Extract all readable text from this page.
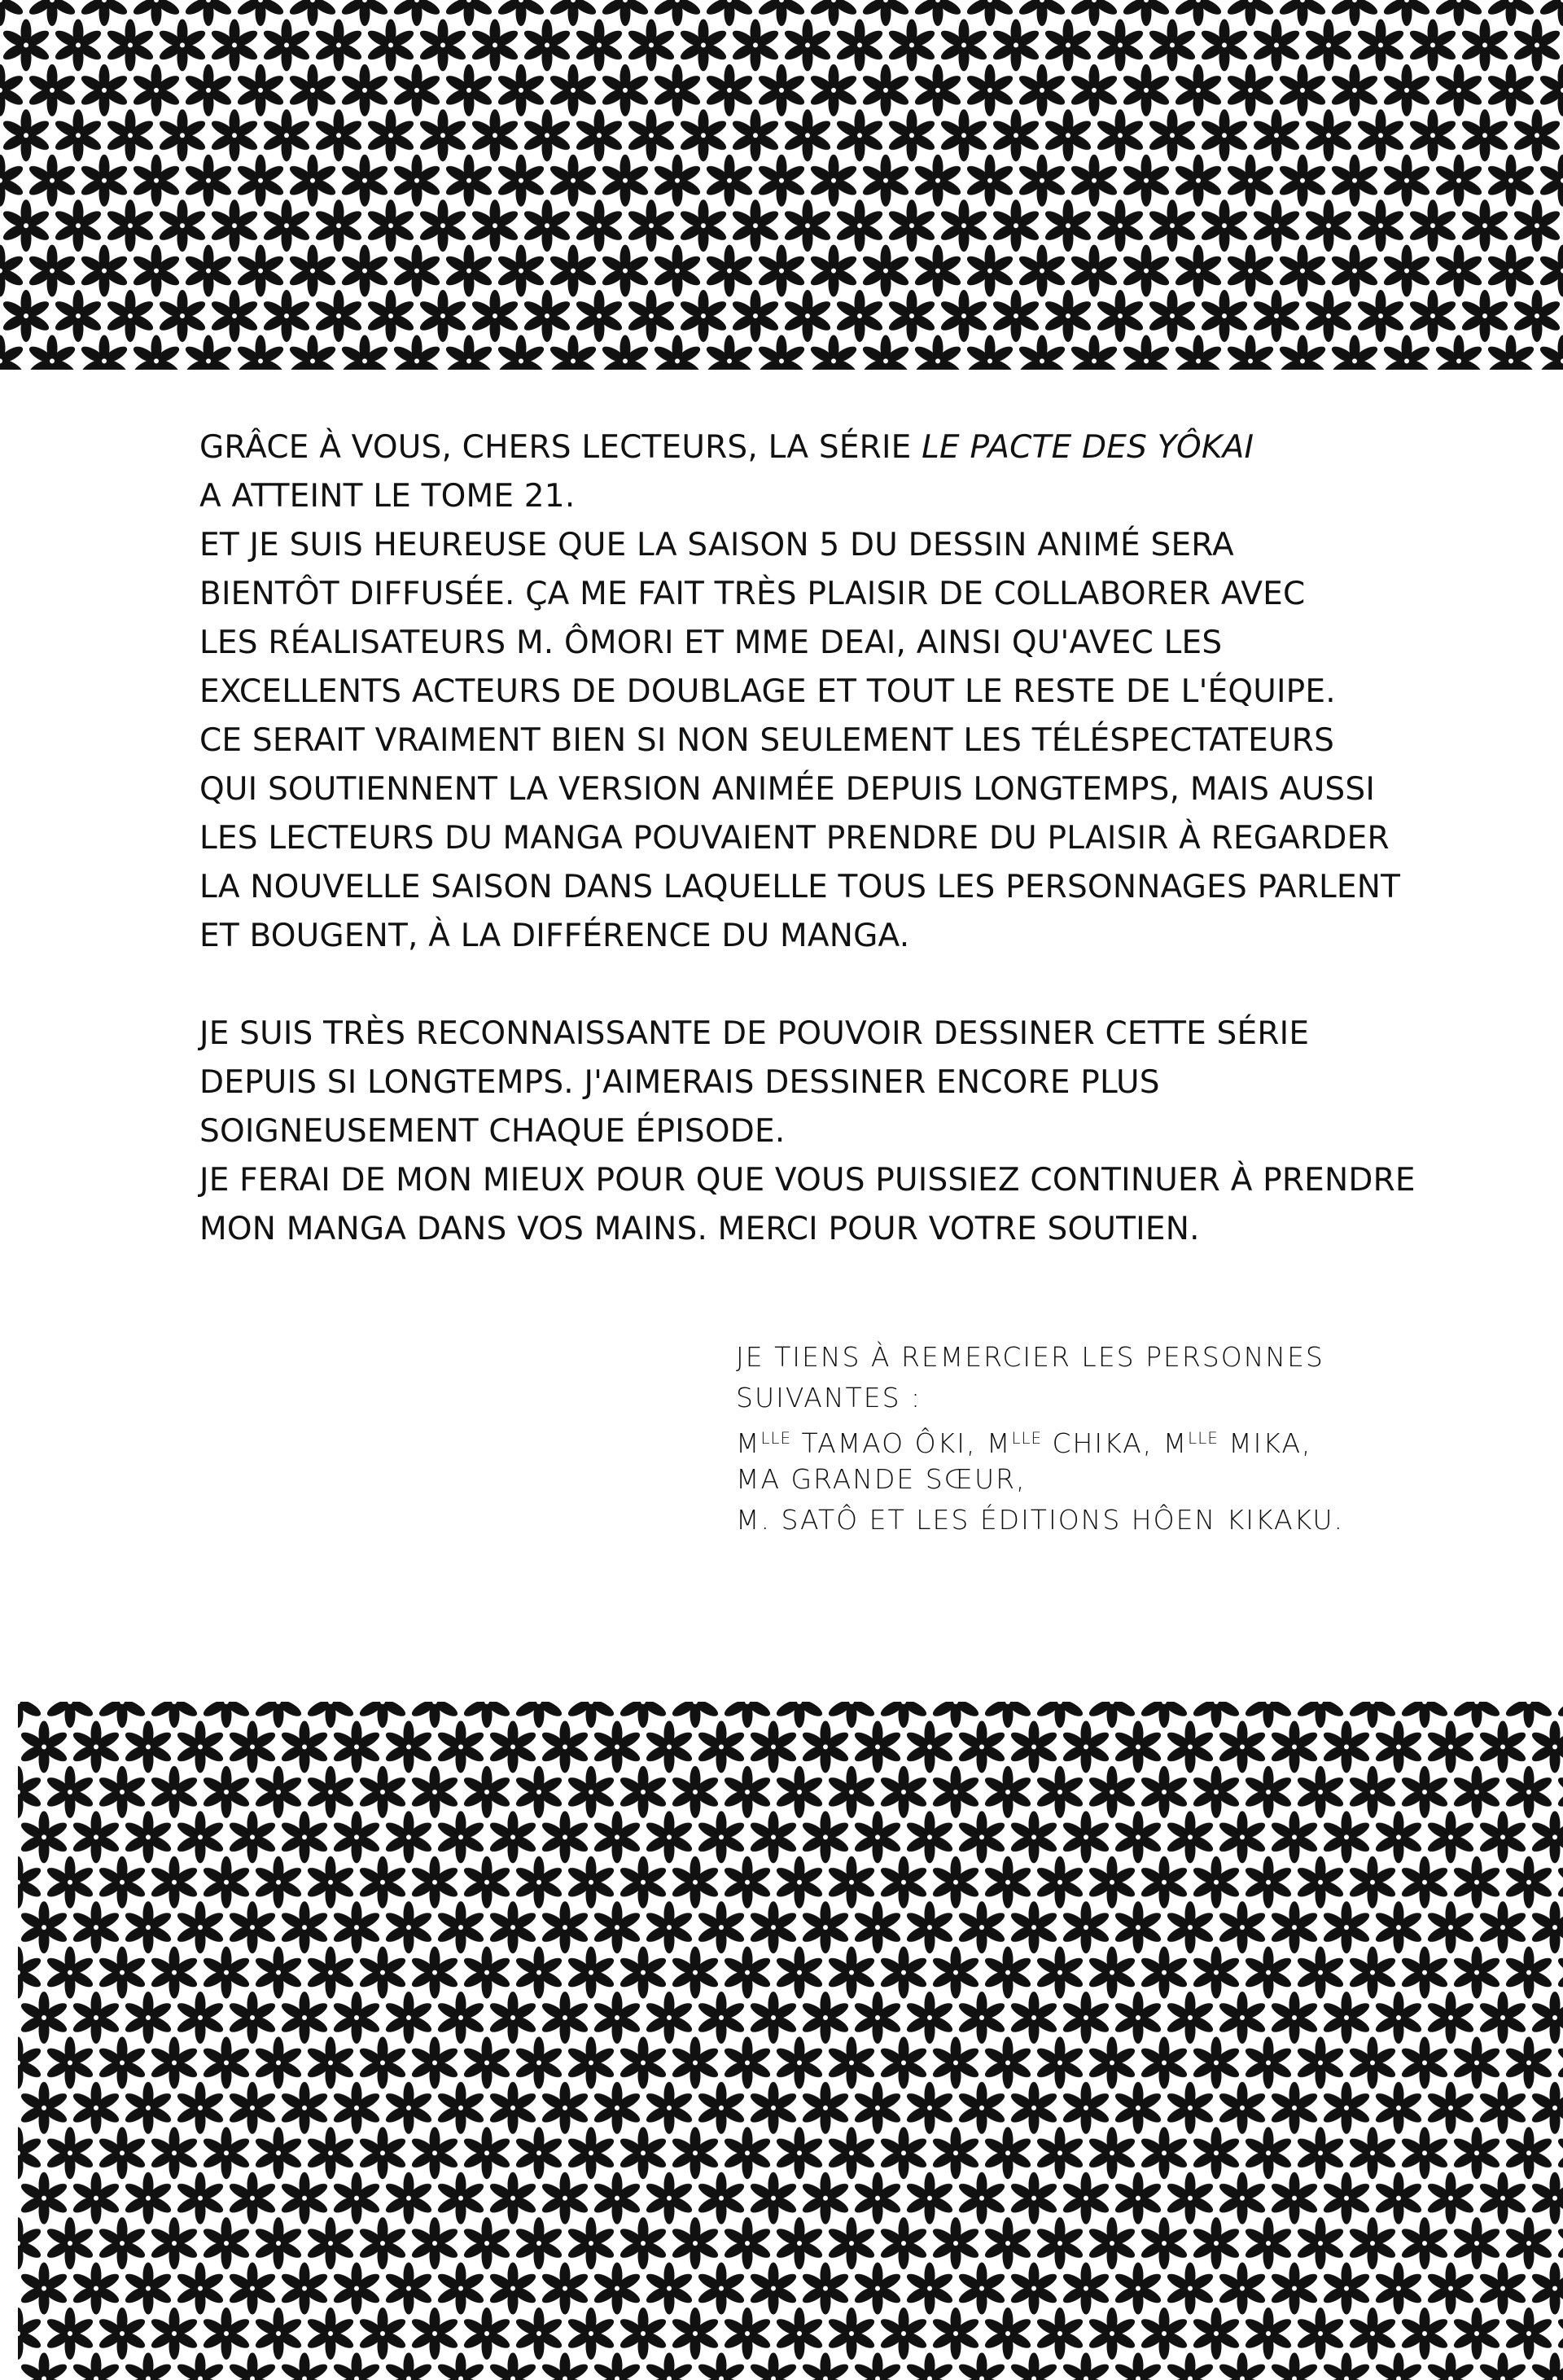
GRÂCE À VOUS, CHERS LECTEURS, LA SÉRIE LE PACTE DES YÔKAI
A ATTEINT LE TOME 21.
ET JE SUIS HEUREUSE QUE LA SAISON 5 DU DESSIN ANIMÉ SERA
BIENTÔT DIFFUSÉE. ÇA ME FAIT TRÈS PLAISIR DE COLLABORER AVEC
LES RÉALISATEURS M. ÔMORI ET MME DEAI, AINSI QU'AVEC LES
EXCELLENTS ACTEURS DE DOUBLAGE ET TOUT LE RESTE DE L'ÉQUIPE.
CE SERAIT VRAIMENT BIEN SI NON SEULEMENT LES TÉLÉSPECTATEURS
QUI SOUTIENNENT LA VERSION ANIMÉE DEPUIS LONGTEMPS, MAIS AUSSI
LES LECTEURS DU MANGA POUVAIENT PRENDRE DU PLAISIR À REGARDER
LA NOUVELLE SAISON DANS LAQUELLE TOUS LES PERSONNAGES PARLENT
ET BOUGENT, À LA DIFFÉRENCE DU MANGA.
JE SUIS TRÈS RECONNAISSANTE DE POUVOIR DESSINER CETTE SÉRIE
DEPUIS SI LONGTEMPS. J'AIMERAIS DESSINER ENCORE PLUS
SOIGNEUSEMENT CHAQUE ÉPISODE.
JE FERAI DE MON MIEUX POUR QUE VOUS PUISSIEZ CONTINUER À PRENDRE
MON MANGA DANS VOS MAINS. MERCI POUR VOTRE SOUTIEN.
JE TIENS À REMERCIER LES PERSONNES
SUIVANTES :
$M^{LLE}$ TAMAO ÔKI, $M^{LLE}$ CHIKA, $M^{LLE}$ MIKA,
MA GRANDE SŒUR,
M. SATÔ ET LES ÉDITIONS HÔEN KIKAKU.
